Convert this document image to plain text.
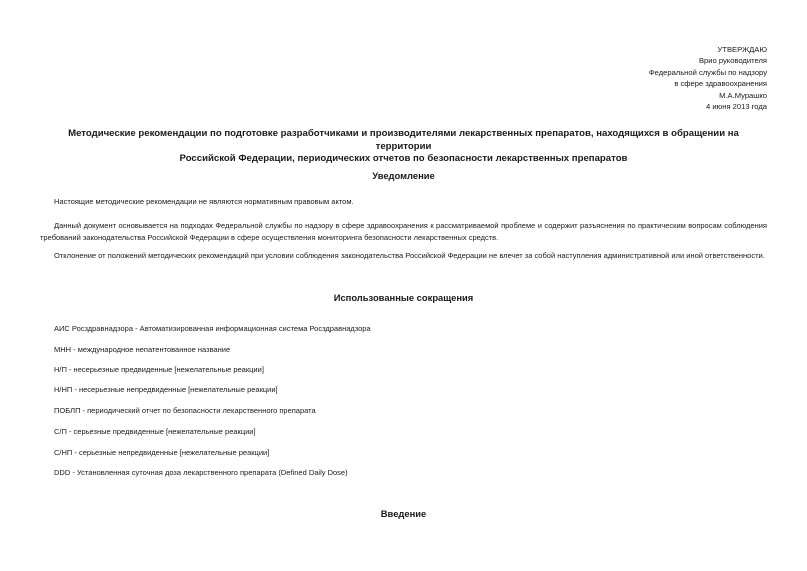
УТВЕРЖДАЮ
Врио руководителя
Федеральной службы по надзору
в сфере здравоохранения
М.А.Мурашко
4 июня 2013 года
Методические рекомендации по подготовке разработчиками и производителями лекарственных препаратов, находящихся в обращении на территории
Российской Федерации, периодических отчетов по безопасности лекарственных препаратов
Уведомление
Настоящие методические рекомендации не являются нормативным правовым актом.
Данный документ основывается на подходах Федеральной службы по надзору в сфере здравоохранения к рассматриваемой проблеме и содержит разъяснения по практическим вопросам соблюдения требований законодательства Российской Федерации в сфере осуществления мониторинга безопасности лекарственных средств.
Отклонение от положений методических рекомендаций при условии соблюдения законодательства Российской Федерации не влечет за собой наступления административной или иной ответственности.
Использованные сокращения
АИС Росздравнадзора - Автоматизированная информационная система Росздравнадзора
МНН - международное непатентованное название
Н/П - несерьезные предвиденные [нежелательные реакции]
Н/НП - несерьезные непредвиденные [нежелательные реакции]
ПОБЛП - периодический отчет по безопасности лекарственного препарата
С/П - серьезные предвиденные [нежелательные реакции]
С/НП - серьезные непредвиденные [нежелательные реакции]
DDD - Установленная суточная доза лекарственного препарата (Defined Daily Dose)
Введение
